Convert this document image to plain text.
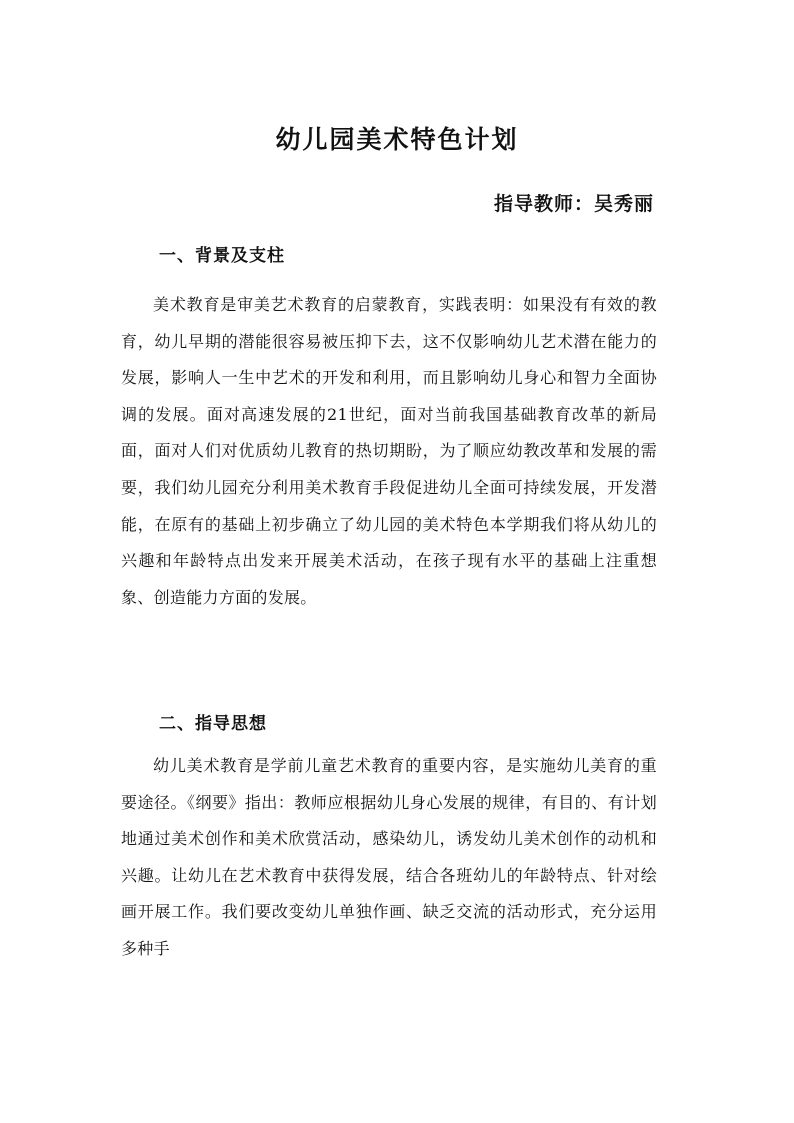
幼儿园美术特色计划
指导教师：吴秀丽
一、背景及支柱

美术教育是审美艺术教育的启蒙教育，实践表明：如果没有有效的教育，幼儿早期的潜能很容易被压抑下去，这不仅影响幼儿艺术潜在能力的发展，影响人一生中艺术的开发和利用，而且影响幼儿身心和智力全面协调的发展。面对高速发展的21世纪，面对当前我国基础教育改革的新局面，面对人们对优质幼儿教育的热切期盼，为了顺应幼教改革和发展的需要，我们幼儿园充分利用美术教育手段促进幼儿全面可持续发展，开发潜能，在原有的基础上初步确立了幼儿园的美术特色本学期我们将从幼儿的兴趣和年龄特点出发来开展美术活动，在孩子现有水平的基础上注重想象、创造能力方面的发展。

二、指导思想

幼儿美术教育是学前儿童艺术教育的重要内容，是实施幼儿美育的重要途径。《纲要》指出：教师应根据幼儿身心发展的规律，有目的、有计划地通过美术创作和美术欣赏活动，感染幼儿，诱发幼儿美术创作的动机和兴趣。让幼儿在艺术教育中获得发展，结合各班幼儿的年龄特点、针对绘画开展工作。我们要改变幼儿单独作画、缺乏交流的活动形式，充分运用多种手
